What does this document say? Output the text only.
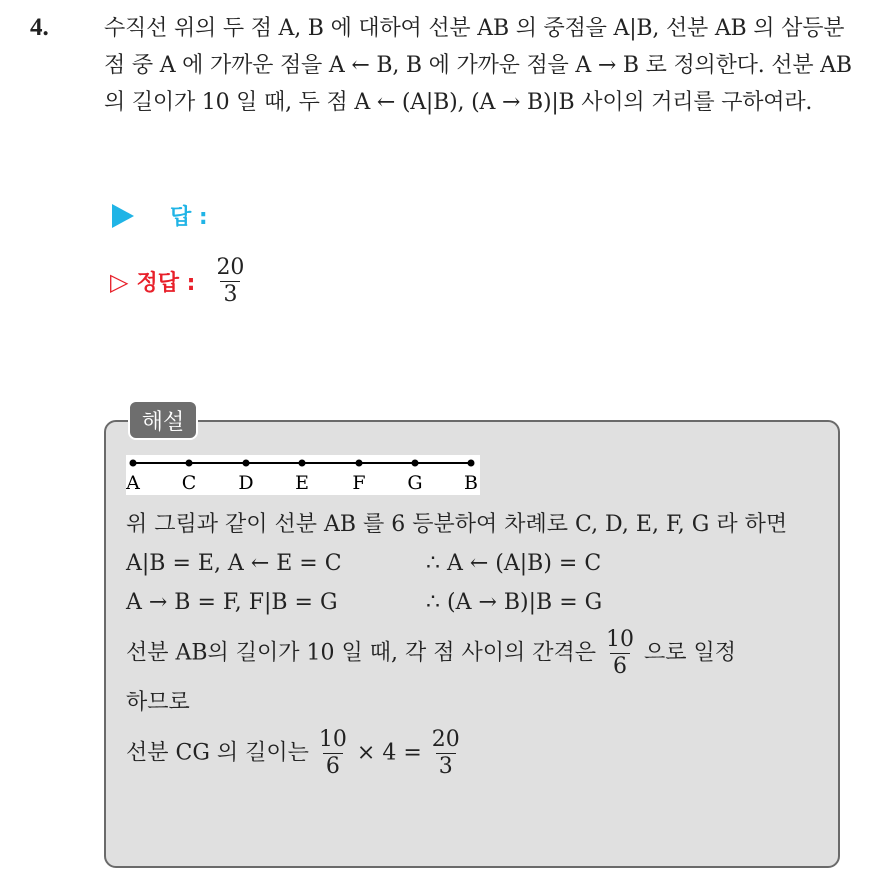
4.	수직선 위의 두 점 A, B 에 대하여 선분 AB 의 중점을 A|B, 선분 AB 의 삼등분점 중 A 에 가까운 점을 A ← B, B 에 가까운 점을 A → B 로 정의한다. 선분 AB 의 길이가 10 일 때, 두 점 A ← (A|B), (A → B)|B 사이의 거리를 구하여라.
답 :
▷ 정답 : $\frac{20}{3}$
해설
A C D E F G B
위 그림과 같이 선분 AB 를 6 등분하여 차례로 C, D, E, F, G 라 하면
A|B = E, A ← E = C	∴ A ← (A|B) = C
A → B = F, F|B = G	∴ (A → B)|B = G
선분 AB의 길이가 10 일 때, 각 점 사이의 간격은 $\frac{10}{6}$ 으로 일정
하므로
선분 CG 의 길이는 $\frac{10}{6} \times 4 = \frac{20}{3}$
